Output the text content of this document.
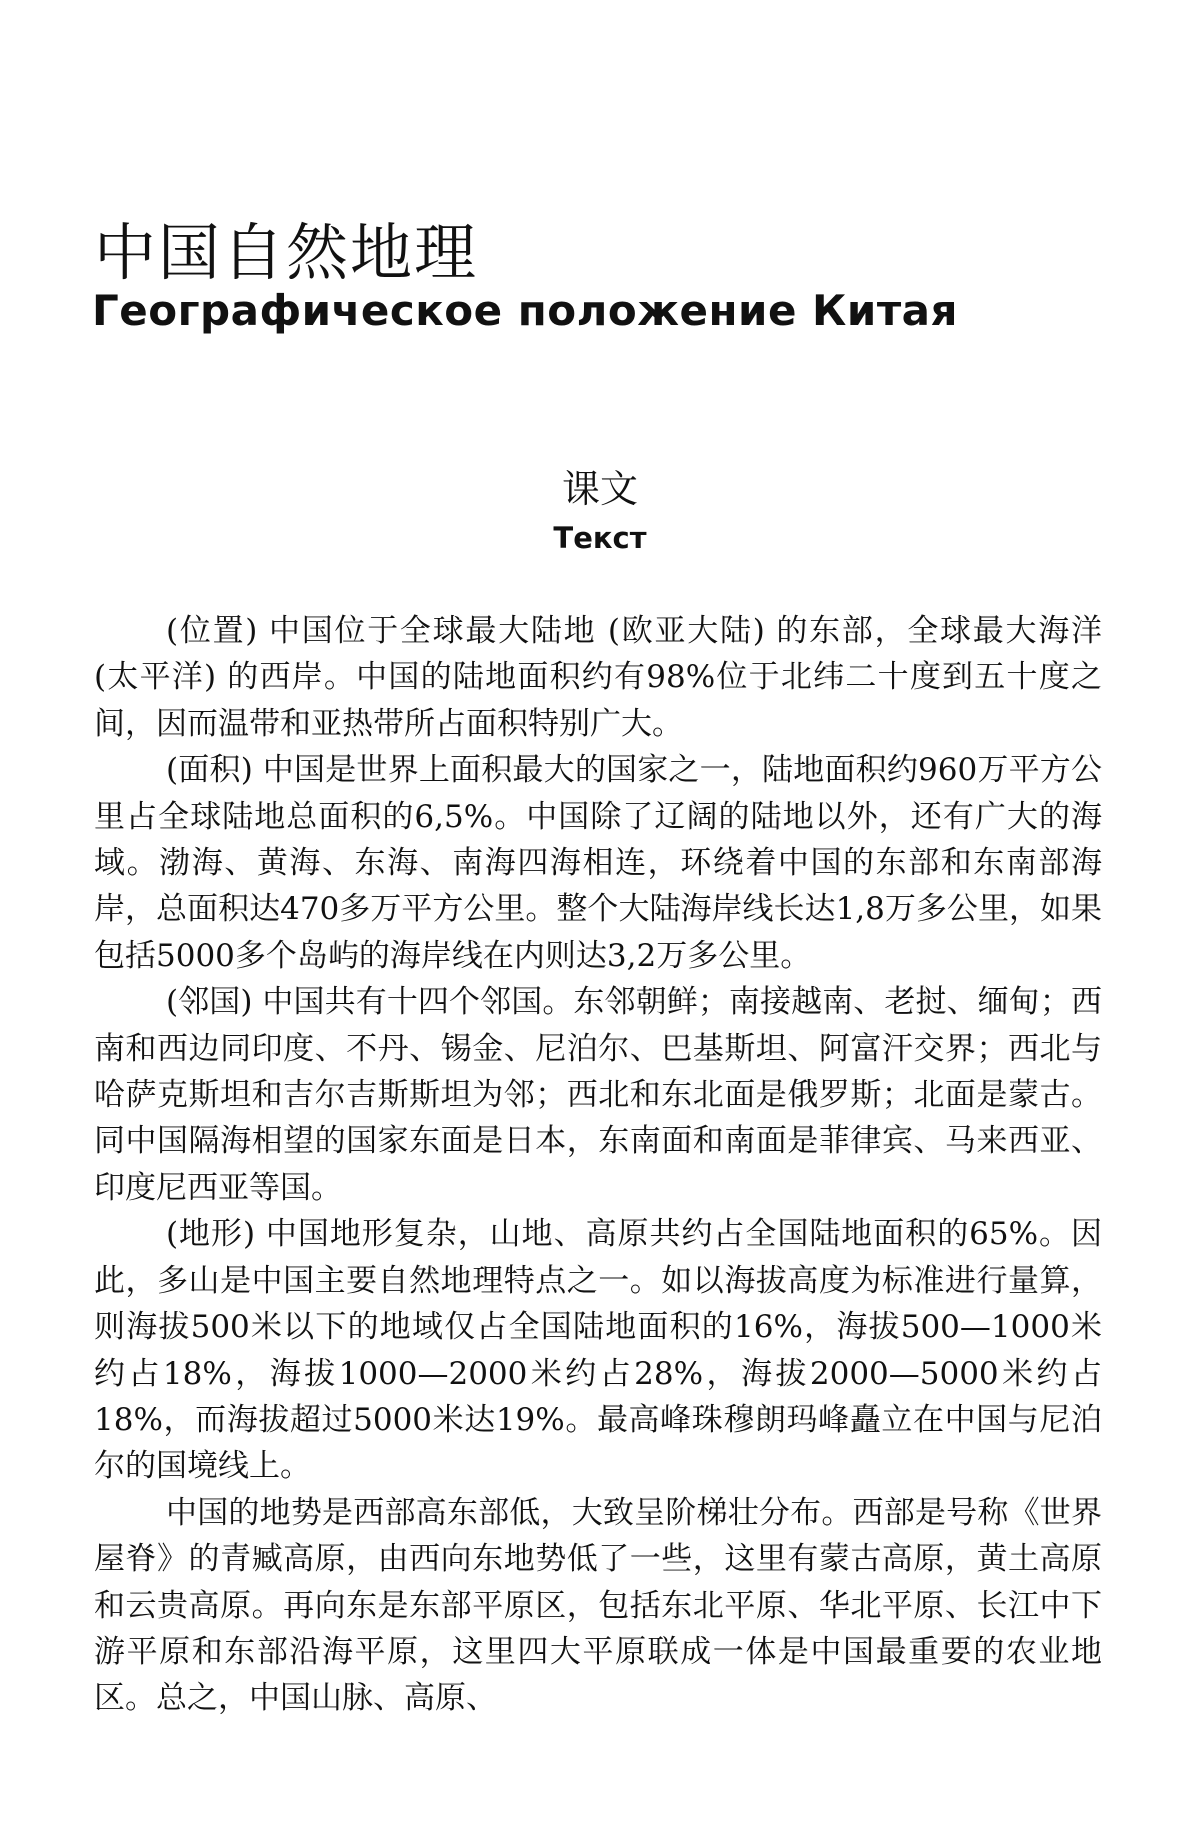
中国自然地理
Географическое положение Китая
课文
Текст

(位置) 中国位于全球最大陆地 (欧亚大陆) 的东部，全球最大海洋 (太平洋) 的西岸。中国的陆地面积约有98%位于北纬二十度到五十度之间，因而温带和亚热带所占面积特别广大。

(面积) 中国是世界上面积最大的国家之一，陆地面积约960万平方公里占全球陆地总面积的6,5%。中国除了辽阔的陆地以外，还有广大的海域。渤海、黄海、东海、南海四海相连，环绕着中国的东部和东南部海岸，总面积达470多万平方公里。整个大陆海岸线长达1,8万多公里，如果包括5000多个岛屿的海岸线在内则达3,2万多公里。

(邻国) 中国共有十四个邻国。东邻朝鲜；南接越南、老挝、缅甸；西南和西边同印度、不丹、锡金、尼泊尔、巴基斯坦、阿富汗交界；西北与哈萨克斯坦和吉尔吉斯斯坦为邻；西北和东北面是俄罗斯；北面是蒙古。同中国隔海相望的国家东面是日本，东南面和南面是菲律宾、马来西亚、印度尼西亚等国。

(地形) 中国地形复杂，山地、高原共约占全国陆地面积的65%。因此，多山是中国主要自然地理特点之一。如以海拔高度为标准进行量算，则海拔500米以下的地域仅占全国陆地面积的16%，海拔500—1000米约占18%，海拔1000—2000米约占28%，海拔2000—5000米约占18%，而海拔超过5000米达19%。最高峰珠穆朗玛峰矗立在中国与尼泊尔的国境线上。

中国的地势是西部高东部低，大致呈阶梯壮分布。西部是号称《世界屋脊》的青臧高原，由西向东地势低了一些，这里有蒙古高原，黄土高原和云贵高原。再向东是东部平原区，包括东北平原、华北平原、长江中下游平原和东部沿海平原，这里四大平原联成一体是中国最重要的农业地区。总之，中国山脉、高原、
